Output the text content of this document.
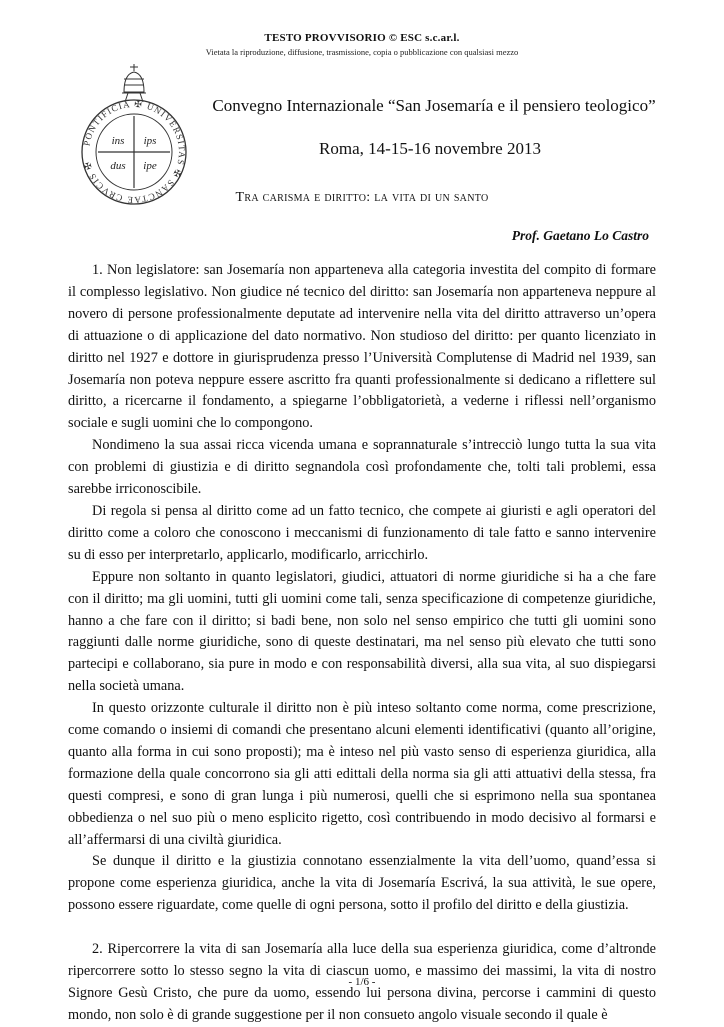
TESTO PROVVISORIO © ESC s.c.ar.l.
Vietata la riproduzione, diffusione, trasmissione, copia o pubblicazione con qualsiasi mezzo
PONTIFICIA ✠ UNIVERSITAS ✠ SANCTAE CRVCIS ✠
ins ips
dus ipe
Convegno Internazionale “San Josemaría e il pensiero teologico”
Roma, 14-15-16 novembre 2013
Tra carisma e diritto: la vita di un santo
Prof. Gaetano Lo Castro

1. Non legislatore: san Josemaría non apparteneva alla categoria investita del compito di formare il complesso legislativo. Non giudice né tecnico del diritto: san Josemaría non apparteneva neppure al novero di persone professionalmente deputate ad intervenire nella vita del diritto attraverso un’opera di attuazione o di applicazione del dato normativo. Non studioso del diritto: per quanto licenziato in diritto nel 1927 e dottore in giurisprudenza presso l’Università Complutense di Madrid nel 1939, san Josemaría non poteva neppure essere ascritto fra quanti professionalmente si dedicano a riflettere sul diritto, a ricercarne il fondamento, a spiegarne l’obbligatorietà, a vederne i riflessi nell’organismo sociale e sugli uomini che lo compongono.

Nondimeno la sua assai ricca vicenda umana e soprannaturale s’intrecciò lungo tutta la sua vita con problemi di giustizia e di diritto segnandola così profondamente che, tolti tali problemi, essa sarebbe irriconoscibile.

Di regola si pensa al diritto come ad un fatto tecnico, che compete ai giuristi e agli operatori del diritto come a coloro che conoscono i meccanismi di funzionamento di tale fatto e sanno intervenire su di esso per interpretarlo, applicarlo, modificarlo, arricchirlo.

Eppure non soltanto in quanto legislatori, giudici, attuatori di norme giuridiche si ha a che fare con il diritto; ma gli uomini, tutti gli uomini come tali, senza specificazione di competenze giuridiche, hanno a che fare con il diritto; si badi bene, non solo nel senso empirico che tutti gli uomini sono raggiunti dalle norme giuridiche, sono di queste destinatari, ma nel senso più elevato che tutti sono partecipi e collaborano, sia pure in modo e con responsabilità diversi, alla sua vita, al suo dispiegarsi nella società umana.

In questo orizzonte culturale il diritto non è più inteso soltanto come norma, come prescrizione, come comando o insiemi di comandi che presentano alcuni elementi identificativi (quanto all’origine, quanto alla forma in cui sono proposti); ma è inteso nel più vasto senso di esperienza giuridica, alla formazione della quale concorrono sia gli atti edittali della norma sia gli atti attuativi della stessa, fra questi compresi, e sono di gran lunga i più numerosi, quelli che si esprimono nella sua spontanea obbedienza o nel suo più o meno esplicito rigetto, così contribuendo in modo decisivo al formarsi e all’affermarsi di una civiltà giuridica.

Se dunque il diritto e la giustizia connotano essenzialmente la vita dell’uomo, quand’essa si propone come esperienza giuridica, anche la vita di Josemaría Escrivá, la sua attività, le sue opere, possono essere riguardate, come quelle di ogni persona, sotto il profilo del diritto e della giustizia.

2. Ripercorrere la vita di san Josemaría alla luce della sua esperienza giuridica, come d’altronde ripercorrere sotto lo stesso segno la vita di ciascun uomo, e massimo dei massimi, la vita di nostro Signore Gesù Cristo, che pure da uomo, essendo lui persona divina, percorse i cammini di questo mondo, non solo è di grande suggestione per il non consueto angolo visuale secondo il quale è

- 1/6 -
